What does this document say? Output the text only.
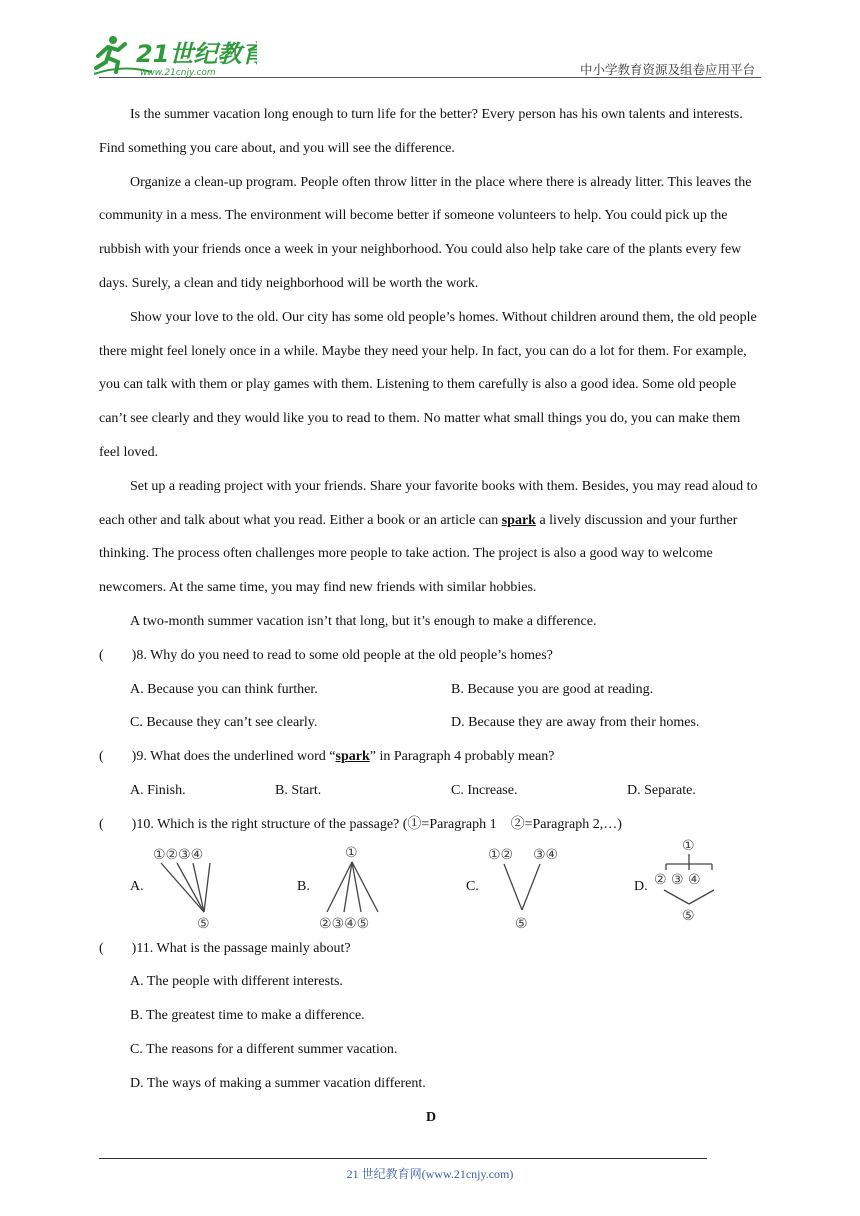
21世纪教育
www.21cnjy.com	中小学教育资源及组卷应用平台

Is the summer vacation long enough to turn life for the better? Every person has his own talents and interests. Find something you care about, and you will see the difference.

Organize a clean-up program. People often throw litter in the place where there is already litter. This leaves the community in a mess. The environment will become better if someone volunteers to help. You could pick up the rubbish with your friends once a week in your neighborhood. You could also help take care of the plants every few days. Surely, a clean and tidy neighborhood will be worth the work.

Show your love to the old. Our city has some old people’s homes. Without children around them, the old people there might feel lonely once in a while. Maybe they need your help. In fact, you can do a lot for them. For example, you can talk with them or play games with them. Listening to them carefully is also a good idea. Some old people can’t see clearly and they would like you to read to them. No matter what small things you do, you can make them feel loved.

Set up a reading project with your friends. Share your favorite books with them. Besides, you may read aloud to each other and talk about what you read. Either a book or an article can spark a lively discussion and your further thinking. The process often challenges more people to take action. The project is also a good way to welcome newcomers. At the same time, you may find new friends with similar hobbies.

A two-month summer vacation isn’t that long, but it’s enough to make a difference.

(　　)8. Why do you need to read to some old people at the old people’s homes?

A. Because you can think further.	B. Because you are good at reading.
C. Because they can’t see clearly.	D. Because they are away from their homes.

(　　)9. What does the underlined word “spark” in Paragraph 4 probably mean?

A. Finish.	B. Start.	C. Increase.	D. Separate.

(　　)10. Which is the right structure of the passage? (①=Paragraph 1　②=Paragraph 2,…)

A.
①②③④
⑤
B.
①
②③④⑤
C.
①② ③④
⑤
D.
①
② ③ ④
⑤

(　　)11. What is the passage mainly about?

A. The people with different interests.
B. The greatest time to make a difference.
C. The reasons for a different summer vacation.
D. The ways of making a summer vacation different.

D

21 世纪教育网(www.21cnjy.com)
